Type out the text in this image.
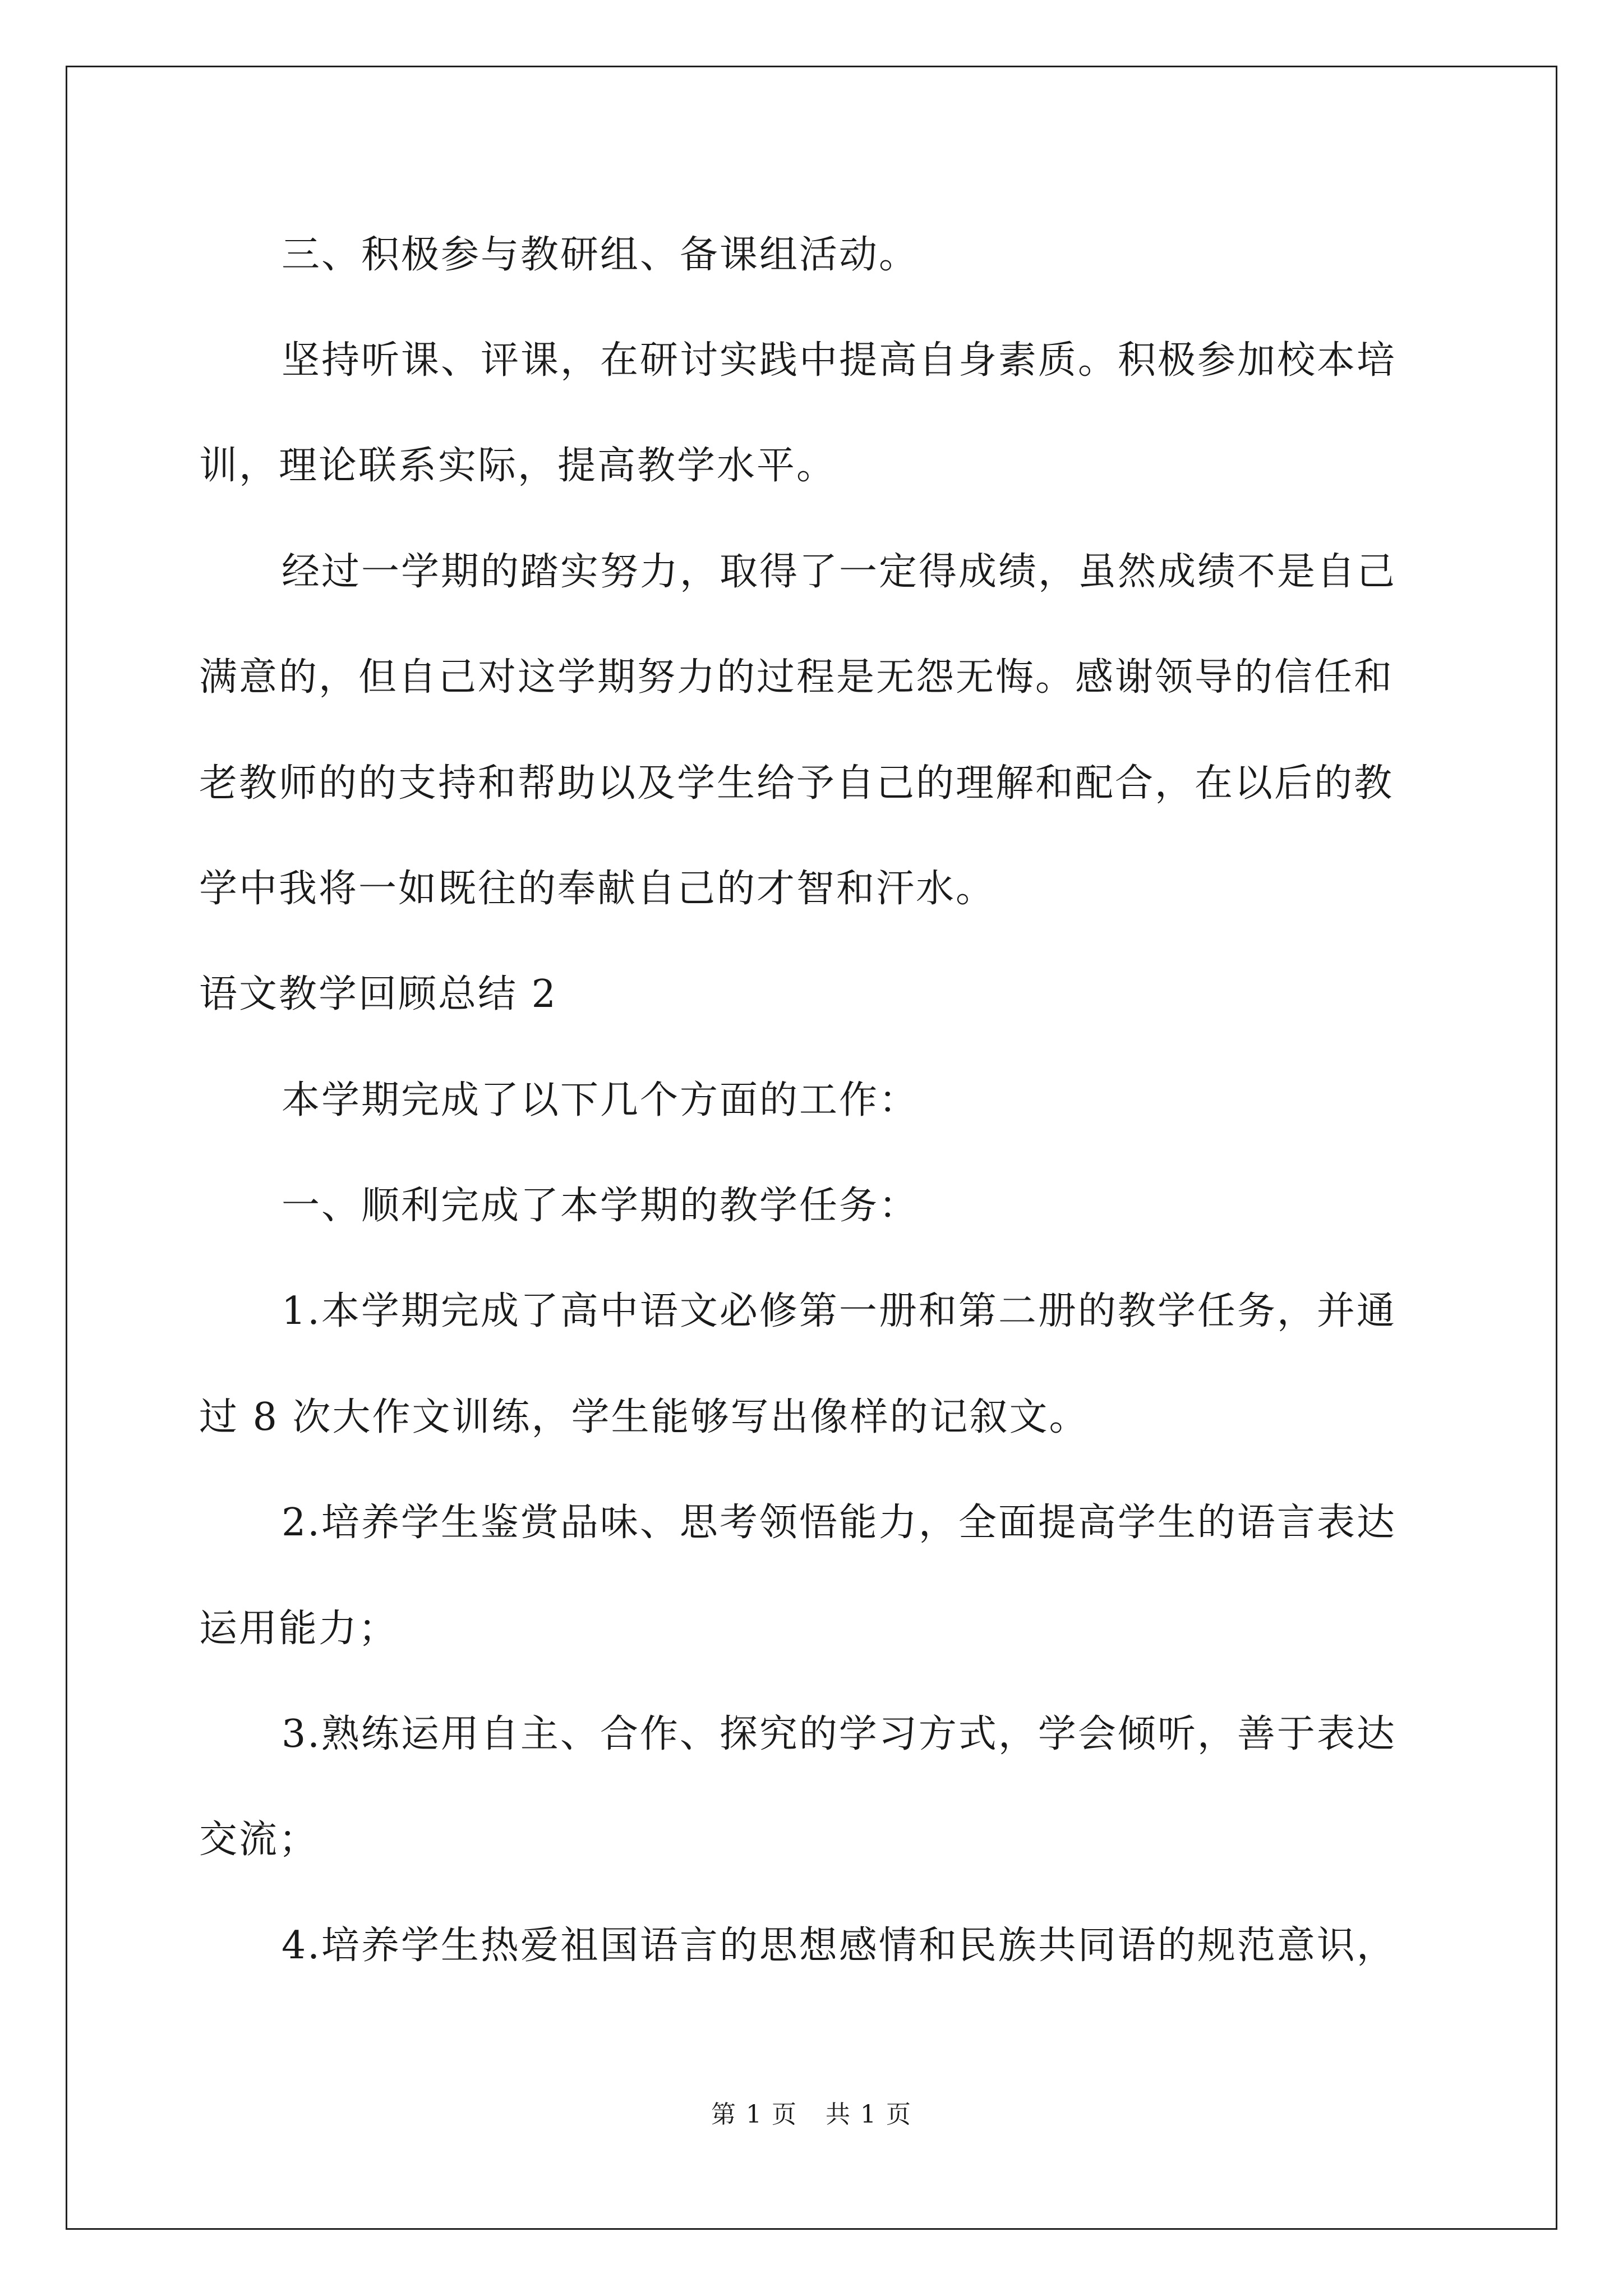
三、积极参与教研组、备课组活动。
坚持听课、评课，在研讨实践中提高自身素质。积极参加校本培
训，理论联系实际，提高教学水平。
经过一学期的踏实努力，取得了一定得成绩，虽然成绩不是自己
满意的，但自己对这学期努力的过程是无怨无悔。感谢领导的信任和
老教师的的支持和帮助以及学生给予自己的理解和配合，在以后的教
学中我将一如既往的奉献自己的才智和汗水。
语文教学回顾总结 2
本学期完成了以下几个方面的工作：
一、顺利完成了本学期的教学任务：
1.本学期完成了高中语文必修第一册和第二册的教学任务，并通
过 8 次大作文训练，学生能够写出像样的记叙文。
2.培养学生鉴赏品味、思考领悟能力，全面提高学生的语言表达
运用能力；
3.熟练运用自主、合作、探究的学习方式，学会倾听，善于表达
交流；
4.培养学生热爱祖国语言的思想感情和民族共同语的规范意识，
第 1 页 共 1 页
